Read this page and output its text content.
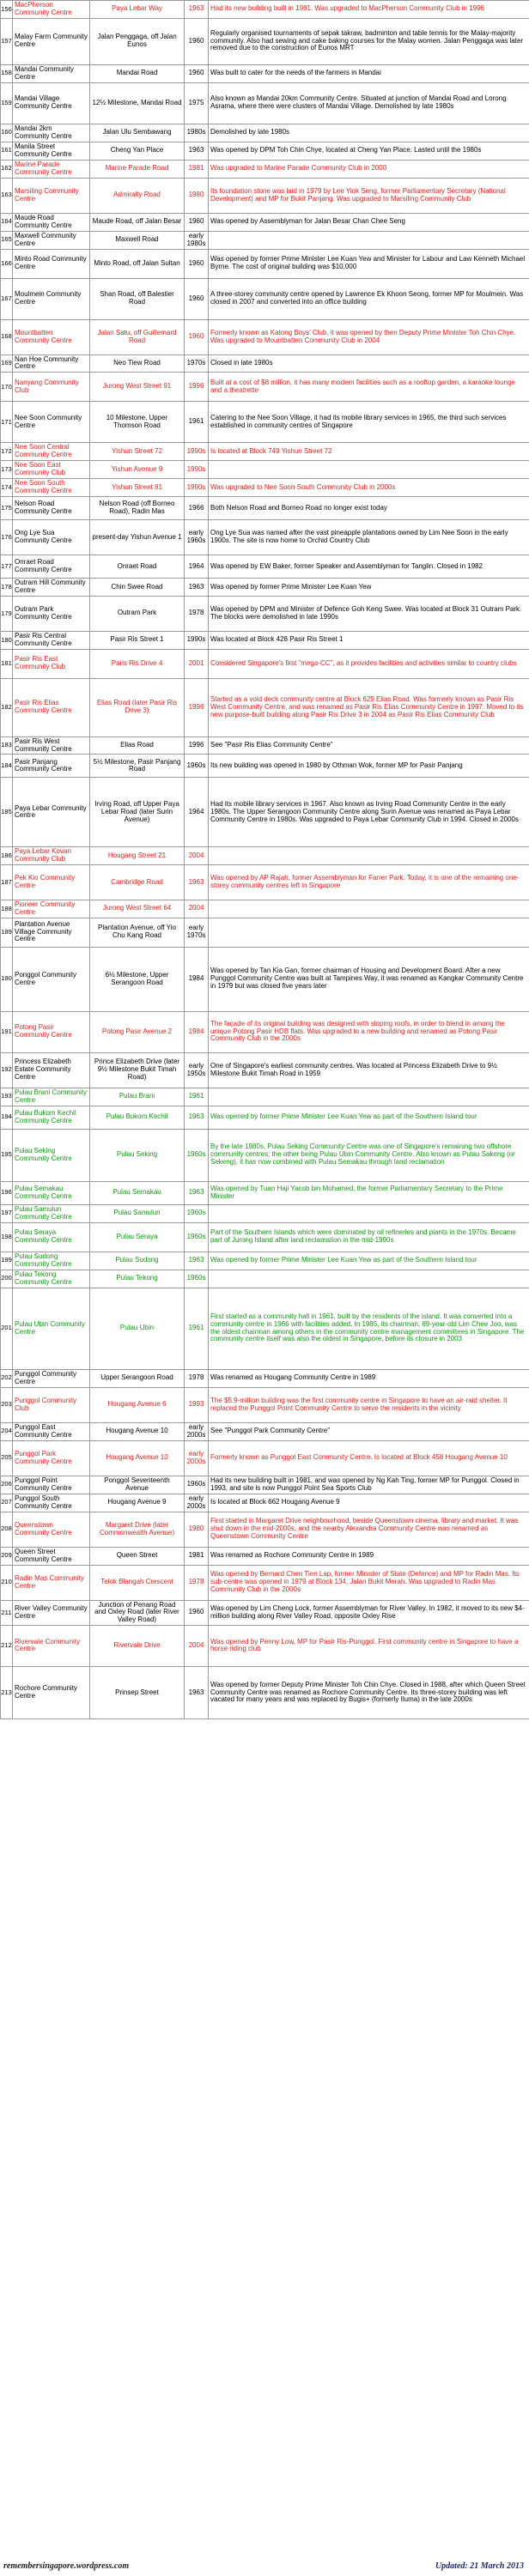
156	MacPherson Community Centre	Paya Lebar Way	1963	Had its new building built in 1981. Was upgraded to MacPherson Community Club in 1996
157	Malay Farm Community Centre	Jalan Penggaga, off Jalan Eunos	1960	Regularly organised tournaments of sepak takraw, badminton and table tennis for the Malay-majority community. Also had sewing and cake baking courses for the Malay women. Jalan Penggaga was later removed due to the construction of Eunos MRT
158	Mandai Community Centre	Mandai Road	1960	Was built to cater for the needs of the farmers in Mandai
159	Mandai Village Community Centre	12½ Milestone, Mandai Road	1975	Also known as Mandai 20km Community Centre. Situated at junction of Mandai Road and Lorong Asrama, where there were clusters of Mandai Village. Demolished by late 1980s
160	Mandai 2km Community Centre	Jalan Ulu Sembawang	1980s	Demolished by late 1980s
161	Manila Street Community Centre	Cheng Yan Place	1963	Was opened by DPM Toh Chin Chye, located at Cheng Yan Place. Lasted until the 1980s
162	Marine Parade Community Centre	Marine Parade Road	1981	Was upgraded to Marine Parade Community Club in 2000
163	Marsiling Community Centre	Admiralty Road	1980	Its foundation stone was laid in 1979 by Lee Yiok Seng, former Parliamentary Secretary (National Development) and MP for Bukit Panjang. Was upgraded to Marsiling Community Club
164	Maude Road Community Centre	Maude Road, off Jalan Besar	1960	Was opened by Assemblyman for Jalan Besar Chan Chee Seng
165	Maxwell Community Centre	Maxwell Road	early 1980s	
166	Minto Road Community Centre	Minto Road, off Jalan Sultan	1960	Was opened by former Prime Minister Lee Kuan Yew and Minister for Labour and Law Kenneth Michael Byrne. The cost of original building was $10,000
167	Moulmein Community Centre	Shan Road, off Balestier Road	1960	A three-storey community centre opened by Lawrence Ek Khoon Seong, former MP for Moulmein. Was closed in 2007 and converted into an office building
168	Mountbatten Community Centre	Jalan Satu, off Guillemard Road	1960	Formerly known as Katong Boys' Club, it was opened by then Deputy Prime Minister Toh Chin Chye. Was upgraded to Mountbatten Community Club in 2004
169	Nan Hoe Community Centre	Neo Tiew Road	1970s	Closed in late 1980s
170	Nanyang Community Club	Jurong West Street 91	1996	Built at a cost of $8 million, it has many modern facilities such as a rooftop garden, a karaoke lounge and a theatrette
171	Nee Soon Community Centre	10 Milestone, Upper Thomson Road	1961	Catering to the Nee Soon Village, it had its mobile library services in 1965, the third such services established in community centres of Singapore
172	Nee Soon Central Community Centre	Yishun Street 72	1990s	Is located at Block 749 Yishun Street 72
173	Nee Soon East Community Club	Yishun Avenue 9	1990s	
174	Nee Soon South Community Centre	Yishun Street 81	1990s	Was upgraded to Nee Soon South Community Club in 2000s
175	Nelson Road Community Centre	Nelson Road (off Borneo Road), Radin Mas	1966	Both Nelson Road and Borneo Road no longer exist today
176	Ong Lye Sua Community Centre	present-day Yishun Avenue 1	early 1960s	Ong Lye Sua was named after the vast pineapple plantations owned by Lim Nee Soon in the early 1900s. The site is now home to Orchid Country Club
177	Onraet Road Community Centre	Onraet Road	1964	Was opened by EW Baker, former Speaker and Assemblyman for Tanglin. Closed in 1982
178	Outram Hill Community Centre	Chin Swee Road	1963	Was opened by former Prime Minister Lee Kuan Yew
179	Outram Park Community Centre	Outram Park	1978	Was opened by DPM and Minister of Defence Goh Keng Swee. Was located at Block 31 Outram Park. The blocks were demolished in late 1990s
180	Pasir Ris Central Community Centre	Pasir Ris Street 1	1990s	Was located at Block 428 Pasir Ris Street 1
181	Pasir Ris East Community Club	Paris Ris Drive 4	2001	Considered Singapore's first "mega-CC", as it provides facilities and activities similar to country clubs
182	Pasir Ris Elias Community Centre	Elias Road (later Pasir Ris Drive 3)	1996	Started as a void deck community centre at Block 629 Elias Road. Was formerly known as Pasir Ris West Community Centre, and was renamed as Pasir Ris Elias Community Centre in 1997. Moved to its new purpose-built building along Pasir Ris Drive 3 in 2004 as Pasir Ris Elias Community Club
183	Pasir Ris West Community Centre	Elias Road	1996	See "Pasir Ris Elias Community Centre"
184	Pasir Panjang Community Centre	5½ Milestone, Pasir Panjang Road	1960s	Its new building was opened in 1980 by Othman Wok, former MP for Pasir Panjang
185	Paya Lebar Community Centre	Irving Road, off Upper Paya Lebar Road (later Surin Avenue)	1964	Had its mobile library services in 1967. Also known as Irving Road Community Centre in the early 1980s. The Upper Serangoon Community Centre along Surin Avenue was renamed as Paya Lebar Community Centre in 1980s. Was upgraded to Paya Lebar Community Club in 1994. Closed in 2000s
186	Paya Lebar Kovan Community Club	Hougang Street 21	2004	
187	Pek Kio Community Centre	Cambridge Road	1963	Was opened by AP Rajah, former Assemblyman for Farrer Park. Today, it is one of the remaining one-storey community centres left in Singapore
188	Pioneer Community Centre	Jurong West Street 64	2004	
189	Plantation Avenue Village Community Centre	Plantation Avenue, off Yio Chu Kang Road	early 1970s	
190	Ponggol Community Centre	6½ Milestone, Upper Serangoon Road	1984	Was opened by Tan Kia Gan, former chairman of Housing and Development Board. After a new Punggol Community Centre was built at Tampines Way, it was renamed as Kangkar Community Centre in 1979 but was closed five years later
191	Potong Pasir Community Centre	Potong Pasir Avenue 2	1984	The façade of its original building was designed with sloping roofs, in order to blend in among the unique Potong Pasir HDB flats. Was upgraded to a new building and renamed as Potong Pasir Community Club in the 2000s
192	Princess Elizabeth Estate Community Centre	Prince Elizabeth Drive (later 9½ Milestone Bukit Timah Road)	early 1950s	One of Singapore's earliest community centres. Was located at Princess Elizabeth Drive to 9½ Milestone Bukit Timah Road in 1959
193	Pulau Brani Community Centre	Pulau Brani	1961	
194	Pulau Bukom Kechil Community Centre	Pulau Bukom Kechil	1963	Was opened by former Prime Minister Lee Kuan Yew as part of the Southern Island tour
195	Pulau Seking Community Centre	Pulau Seking	1960s	By the late 1980s, Pulau Seking Community Centre was one of Singapore's remaining two offshore community centres; the other being Pulau Ubin Community Centre. Also known as Pulau Sakeng (or Sekeng), it has now combined with Pulau Semakau through land reclamation
196	Pulau Semakau Community Centre	Pulau Semakau	1963	Was opened by Tuan Haji Yacob bin Mohamed, the former Parliamentary Secretary to the Prime Minister
197	Pulau Samulun Community Centre	Pulau Samulun	1960s	
198	Pulau Seraya Community Centre	Pulau Seraya	1960s	Part of the Southern Islands which were dominated by oil refineries and plants in the 1970s. Became part of Jurong Island after land reclamation in the mid-1990s
199	Pulau Sudong Community Centre	Pulau Sudong	1963	Was opened by former Prime Minister Lee Kuan Yew as part of the Southern Island tour
200	Pulau Tekong Community Centre	Pulau Tekong	1960s	
201	Pulau Ubin Community Centre	Pulau Ubin	1961	First started as a community hall in 1961, built by the residents of the island. It was converted into a community centre in 1966 with facilities added. In 1985, its chairman, 69-year-old Lim Chee Joo, was the oldest chairman among others in the community centre management committees in Singapore. The community centre itself was also the oldest in Singapore, before its closure in 2003
202	Punggol Community Centre	Upper Serangoon Road	1978	Was renamed as Hougang Community Centre in 1989
203	Punggol Community Club	Hougang Avenue 6	1993	The $5.9-million building was the first community centre in Singapore to have an air-raid shelter. It replaced the Punggol Point Community Centre to serve the residents in the vicinity
204	Punggol East Community Centre	Hougang Avenue 10	early 2000s	See "Punggol Park Community Centre"
205	Punggol Park Community Centre	Hougang Avenue 10	early 2000s	Formerly known as Punggol East Community Centre. Is located at Block 458 Hougang Avenue 10
206	Punggol Point Community Centre	Ponggol Seventeenth Avenue	1960s	Had its new building built in 1981, and was opened by Ng Kah Ting, former MP for Punggol. Closed in 1993, and site is now Punggol Point Sea Sports Club
207	Punggol South Community Centre	Hougang Avenue 9	early 2000s	Is located at Block 662 Hougang Avenue 9
208	Queenstown Community Centre	Margaret Drive (later Commonwealth Avenue)	1980	First started in Margaret Drive neighbourhood, beside Queenstown cinema, library and market. It was shut down in the mid-2000s, and the nearby Alexandra Community Centre was renamed as Queenstown Community Centre
209	Queen Street Community Centre	Queen Street	1981	Was renamed as Rochore Community Centre in 1989
210	Radin Mas Community Centre	Telok Blangah Crescent	1978	Was opened by Bernard Chen Tien Lap, former Minister of State (Defence) and MP for Radin Mas. Its sub-centre was opened in 1979 at Block 134, Jalan Bukit Merah. Was upgraded to Radin Mas Community Club in the 2000s
211	River Valley Community Centre	Junction of Penang Road and Oxley Road (later River Valley Road)	1960	Was opened by Lim Cheng Lock, former Assemblyman for River Valley. In 1982, it moved to its new $4-million building along River Valley Road, opposite Oxley Rise
212	Rivervale Community Centre	Rivervale Drive	2004	Was opened by Penny Low, MP for Pasir Ris-Punggol. First community centre in Singapore to have a horse riding club
213	Rochore Community Centre	Prinsep Street	1963	Was opened by former Deputy Prime Minister Toh Chin Chye. Closed in 1988, after which Queen Street Community Centre was renamed as Rochore Community Centre. Its three-storey building was left vacated for many years and was replaced by Bugis+ (formerly Iluma) in the late 2000s
remembersingapore.wordpress.com	Updated: 21 March 2013
